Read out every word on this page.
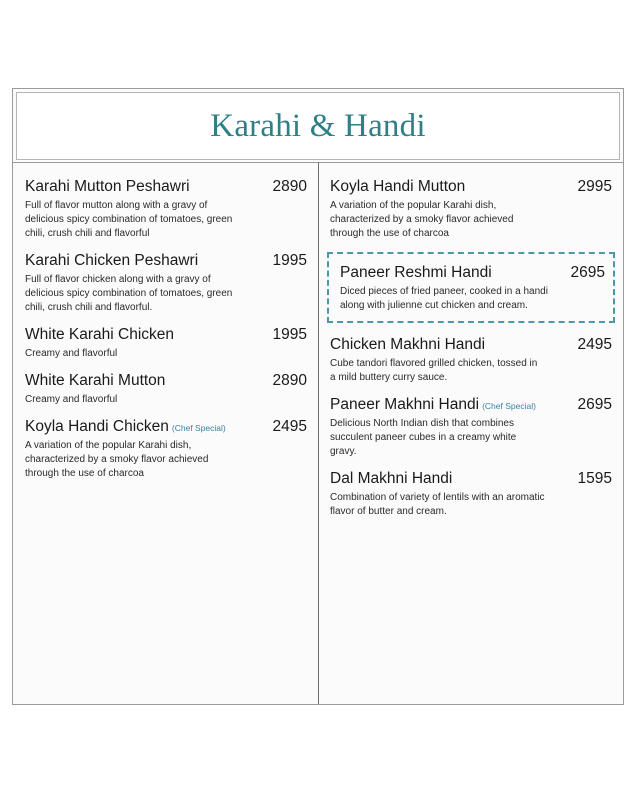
Karahi & Handi
Karahi Mutton Peshawri	2890
Full of flavor mutton along with a gravy of delicious spicy combination of tomatoes, green chili, crush chili and flavorful
Karahi Chicken Peshawri	1995
Full of flavor chicken along with a gravy of delicious spicy combination of tomatoes, green chili, crush chili and flavorful.
White Karahi Chicken	1995
Creamy and flavorful
White Karahi Mutton	2890
Creamy and flavorful
Koyla Handi Chicken (Chef Special)	2495
A variation of the popular Karahi dish, characterized by a smoky flavor achieved through the use of charcoa
Koyla Handi Mutton	2995
A variation of the popular Karahi dish, characterized by a smoky flavor achieved through the use of charcoa
Paneer Reshmi Handi	2695
Diced pieces of fried paneer, cooked in a handi along with julienne cut chicken and cream.
Chicken Makhni Handi	2495
Cube tandori flavored grilled chicken, tossed in a mild buttery curry sauce.
Paneer Makhni Handi (Chef Special)	2695
Delicious North Indian dish that combines succulent paneer cubes in a creamy white gravy.
Dal Makhni Handi	1595
Combination of variety of lentils with an aromatic flavor of butter and cream.
